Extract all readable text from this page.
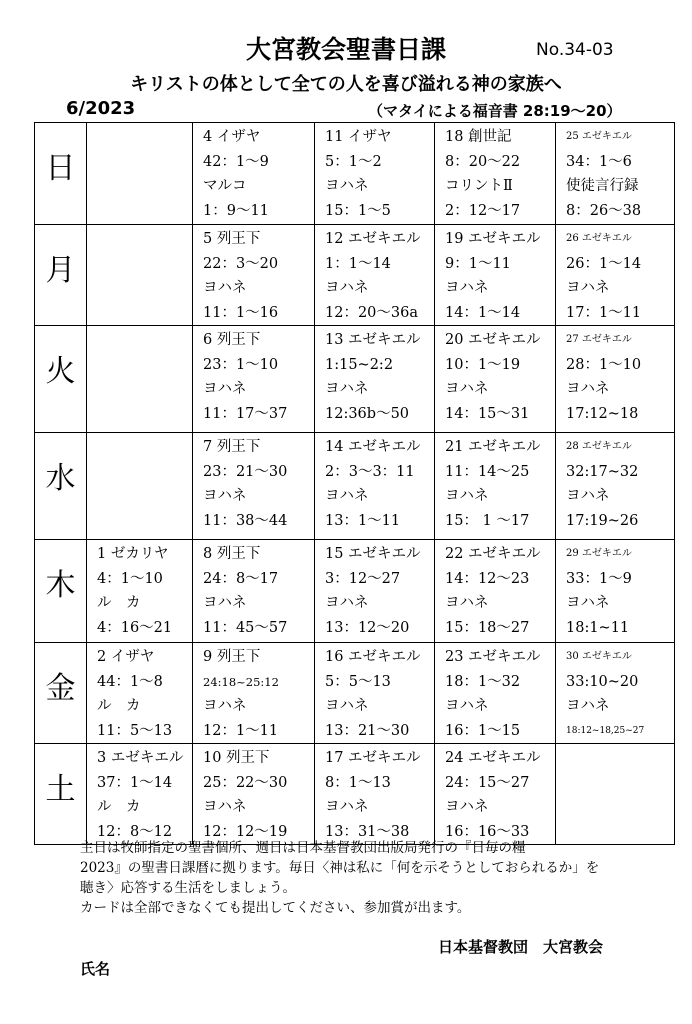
大宮教会聖書日課	No.34-03
キリストの体として全ての人を喜び溢れる神の家族へ
6/2023	（マタイによる福音書 28:19～20）
日		4 イザヤ
42：1～9
マルコ
1：9～11	11 イザヤ
5：1～2
ヨハネ
15：1～5	18 創世記
8：20～22
コリントⅡ
2：12～17	25 エゼキエル
34：1～6
使徒言行録
8：26～38

月		5 列王下
22：3～20
ヨハネ
11：1～16	12 エゼキエル
1：1～14
ヨハネ
12：20～36a	19 エゼキエル
9：1～11
ヨハネ
14：1～14	26 エゼキエル
26：1～14
ヨハネ
17：1～11

火		6 列王下
23：1～10
ヨハネ
11：17～37	13 エゼキエル
1:15~2:2
ヨハネ
12:36b～50	20 エゼキエル
10：1～19
ヨハネ
14：15～31	27 エゼキエル
28：1～10
ヨハネ
17:12~18

水		7 列王下
23：21～30
ヨハネ
11：38～44	14 エゼキエル
2：3～3：11
ヨハネ
13：1～11	21 エゼキエル
11：14～25
ヨハネ
15： 1 ～17	28 エゼキエル
32:17~32
ヨハネ
17:19~26

木	1 ゼカリヤ
4：1～10
ル　カ
4：16～21	8 列王下
24：8～17
ヨハネ
11：45～57	15 エゼキエル
3：12～27
ヨハネ
13：12～20	22 エゼキエル
14：12～23
ヨハネ
15：18～27	29 エゼキエル
33：1～9
ヨハネ
18:1~11

金	2 イザヤ
44：1～8
ル　カ
11：5～13	9 列王下
24:18~25:12
ヨハネ
12：1～11	16 エゼキエル
5：5～13
ヨハネ
13：21～30	23 エゼキエル
18：1～32
ヨハネ
16：1～15	30 エゼキエル
33:10~20
ヨハネ
18:12~18,25~27

土	3 エゼキエル
37：1～14
ル　カ
12：8～12	10 列王下
25：22～30
ヨハネ
12：12～19	17 エゼキエル
8：1～13
ヨハネ
13：31～38	24 エゼキエル
24：15～27
ヨハネ
16：16～33	

主日は牧師指定の聖書個所、週日は日本基督教団出版局発行の『日毎の糧

2023』の聖書日課暦に拠ります。毎日〈神は私に「何を示そうとしておられるか」を

聴き〉応答する生活をしましょう。

カードは全部できなくても提出してください、参加賞が出ます。

日本基督教団　大宮教会
氏名
